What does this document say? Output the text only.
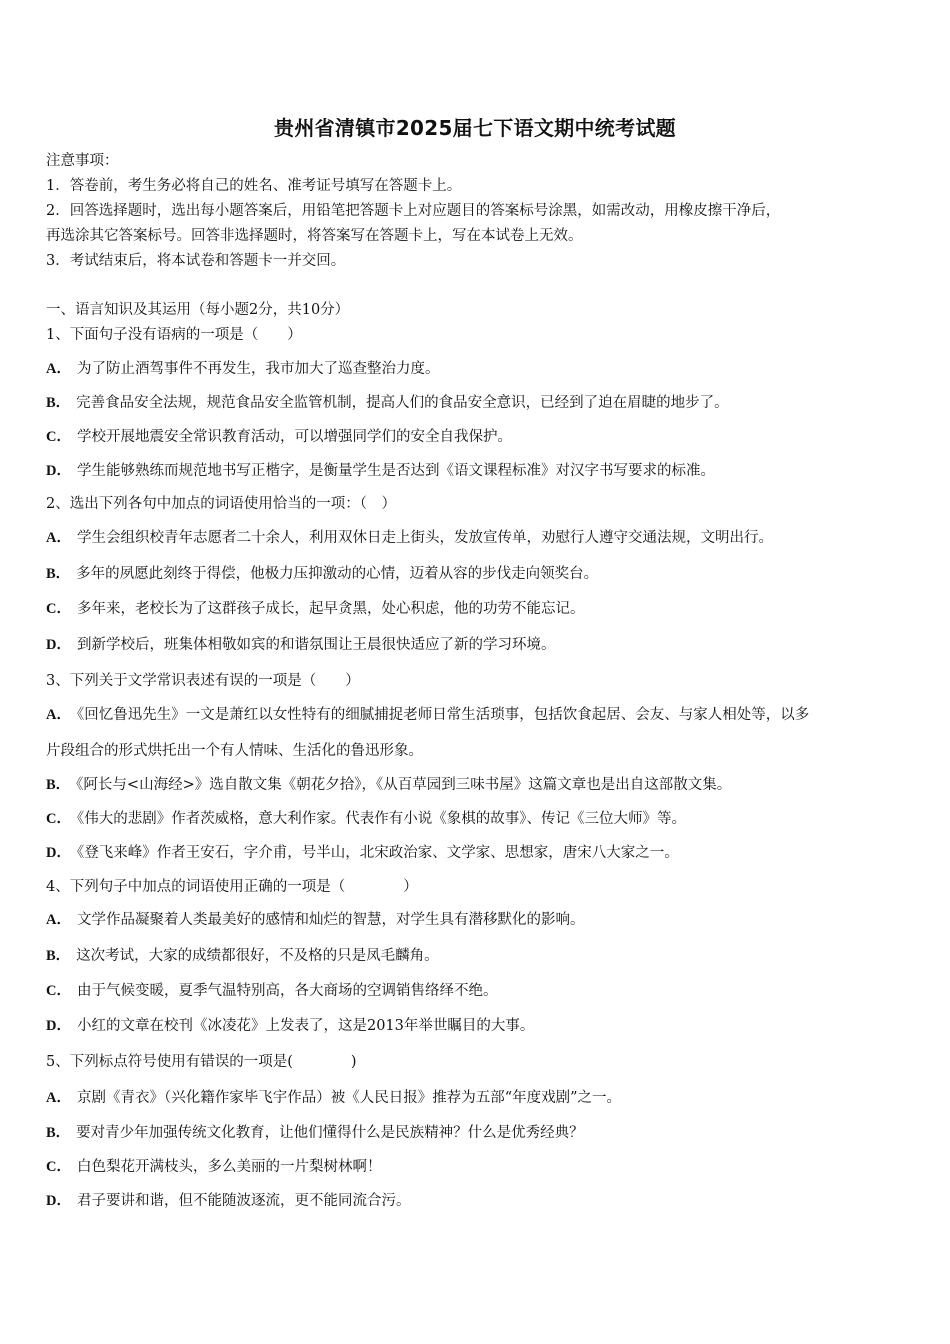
贵州省清镇市2025届七下语文期中统考试题
注意事项：
1．答卷前，考生务必将自己的姓名、准考证号填写在答题卡上。
2．回答选择题时，选出每小题答案后，用铅笔把答题卡上对应题目的答案标号涂黑，如需改动，用橡皮擦干净后，
再选涂其它答案标号。回答非选择题时，将答案写在答题卡上，写在本试卷上无效。
3．考试结束后，将本试卷和答题卡一并交回。
一、语言知识及其运用（每小题2分，共10分）
1、下面句子没有语病的一项是（　　）
A． 为了防止酒驾事件不再发生，我市加大了巡查整治力度。
B． 完善食品安全法规，规范食品安全监管机制，提高人们的食品安全意识，已经到了迫在眉睫的地步了。
C． 学校开展地震安全常识教育活动，可以增强同学们的安全自我保护。
D． 学生能够熟练而规范地书写正楷字，是衡量学生是否达到《语文课程标准》对汉字书写要求的标准。
2、选出下列各句中加点的词语使用恰当的一项：（　）
A． 学生会组织校青年志愿者二十余人，利用双休日走上街头，发放宣传单，劝慰行人遵守交通法规，文明出行。
B． 多年的夙愿此刻终于得偿，他极力压抑激动的心情，迈着从容的步伐走向领奖台。
C． 多年来，老校长为了这群孩子成长，起早贪黑，处心积虑，他的功劳不能忘记。
D． 到新学校后，班集体相敬如宾的和谐氛围让王晨很快适应了新的学习环境。
3、下列关于文学常识表述有误的一项是（　　）
A． 《回忆鲁迅先生》一文是萧红以女性特有的细腻捕捉老师日常生活琐事，包括饮食起居、会友、与家人相处等，以多
片段组合的形式烘托出一个有人情味、生活化的鲁迅形象。
B． 《阿长与<山海经>》选自散文集《朝花夕拾》，《从百草园到三味书屋》这篇文章也是出自这部散文集。
C． 《伟大的悲剧》作者茨威格，意大利作家。代表作有小说《象棋的故事》、传记《三位大师》等。
D． 《登飞来峰》作者王安石，字介甫，号半山，北宋政治家、文学家、思想家，唐宋八大家之一。
4、下列句子中加点的词语使用正确的一项是（　　　　）
A． 文学作品凝聚着人类最美好的感情和灿烂的智慧，对学生具有潜移默化的影响。
B． 这次考试，大家的成绩都很好，不及格的只是凤毛麟角。
C． 由于气候变暖，夏季气温特别高，各大商场的空调销售络绎不绝。
D． 小红的文章在校刊《冰凌花》上发表了，这是2013年举世瞩目的大事。
5、下列标点符号使用有错误的一项是(　　　　)
A． 京剧《青衣》（兴化籍作家毕飞宇作品）被《人民日报》推荐为五部“年度戏剧”之一。
B． 要对青少年加强传统文化教育，让他们懂得什么是民族精神？什么是优秀经典？
C． 白色梨花开满枝头，多么美丽的一片梨树林啊！
D． 君子要讲和谐，但不能随波逐流，更不能同流合污。
